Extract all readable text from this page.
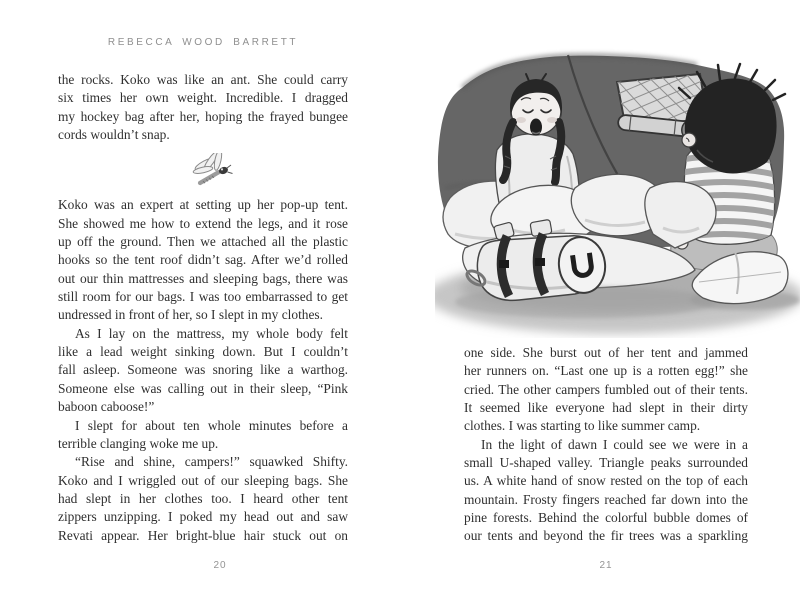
REBECCA WOOD BARRETT
the rocks. Koko was like an ant. She could carry
six times her own weight. Incredible. I dragged
my hockey bag after her, hoping the frayed bungee
cords wouldn’t snap.
Koko was an expert at setting up her pop-up tent.
She showed me how to extend the legs, and it rose
up off the ground. Then we attached all the plastic
hooks so the tent roof didn’t sag. After we’d rolled
out our thin mattresses and sleeping bags, there was
still room for our bags. I was too embarrassed to get
undressed in front of her, so I slept in my clothes.
As I lay on the mattress, my whole body felt
like a lead weight sinking down. But I couldn’t
fall asleep. Someone was snoring like a warthog.
Someone else was calling out in their sleep, “Pink
baboon caboose!”
I slept for about ten whole minutes before a
terrible clanging woke me up.
“Rise and shine, campers!” squawked Shifty.
Koko and I wriggled out of our sleeping bags. She
had slept in her clothes too. I heard other tent
zippers unzipping. I poked my head out and saw
Revati appear. Her bright-blue hair stuck out on
20
one side. She burst out of her tent and jammed
her runners on. “Last one up is a rotten egg!” she
cried. The other campers fumbled out of their tents.
It seemed like everyone had slept in their dirty
clothes. I was starting to like summer camp.
In the light of dawn I could see we were in a
small U-shaped valley. Triangle peaks surrounded
us. A white hand of snow rested on the top of each
mountain. Frosty fingers reached far down into the
pine forests. Behind the colorful bubble domes of
our tents and beyond the fir trees was a sparkling
21
